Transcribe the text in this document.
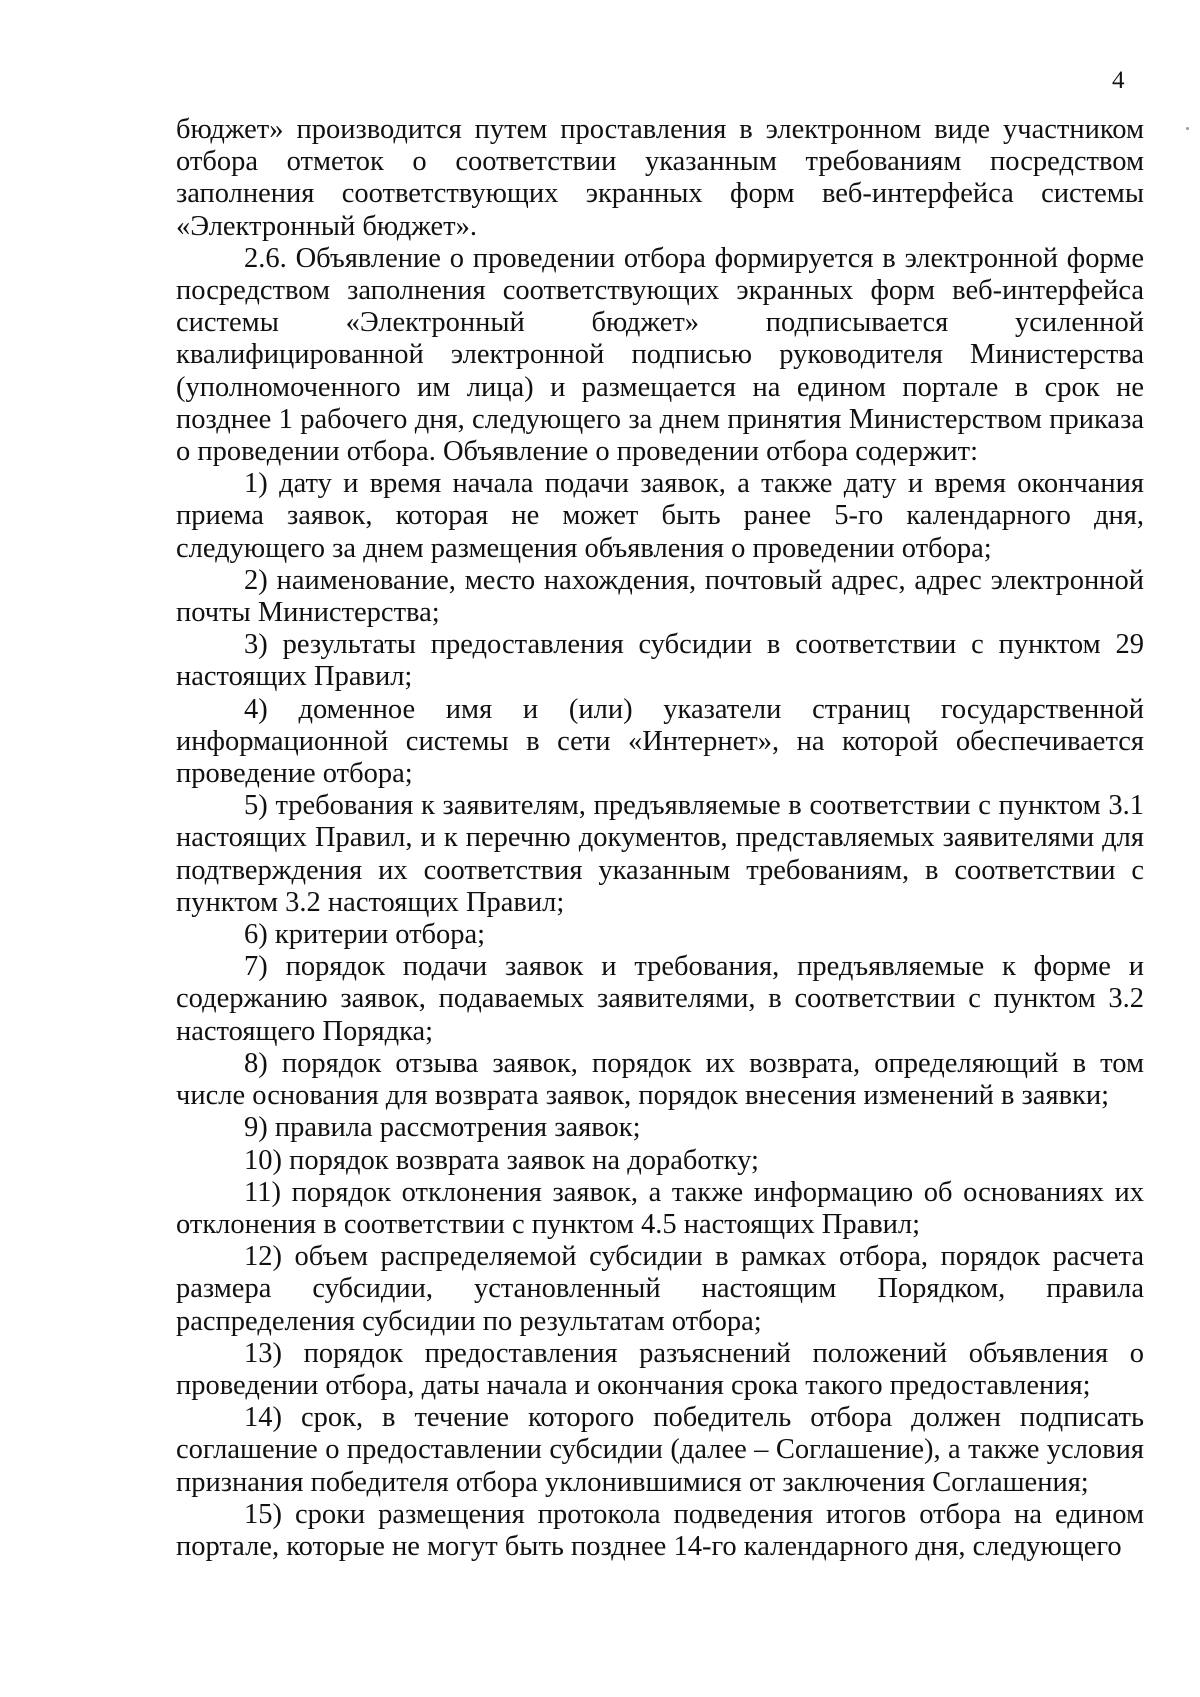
4

бюджет» производится путем проставления в электронном виде участником отбора отметок о соответствии указанным требованиям посредством заполнения соответствующих экранных форм веб-интерфейса системы «Электронный бюджет».

2.6. Объявление о проведении отбора формируется в электронной форме посредством заполнения соответствующих экранных форм веб-интерфейса системы «Электронный бюджет» подписывается усиленной квалифицированной электронной подписью руководителя Министерства (уполномоченного им лица) и размещается на едином портале в срок не позднее 1 рабочего дня, следующего за днем принятия Министерством приказа о проведении отбора. Объявление о проведении отбора содержит:

1) дату и время начала подачи заявок, а также дату и время окончания приема заявок, которая не может быть ранее 5-го календарного дня, следующего за днем размещения объявления о проведении отбора;

2) наименование, место нахождения, почтовый адрес, адрес электронной почты Министерства;

3) результаты предоставления субсидии в соответствии с пунктом 29 настоящих Правил;

4) доменное имя и (или) указатели страниц государственной информационной системы в сети «Интернет», на которой обеспечивается проведение отбора;

5) требования к заявителям, предъявляемые в соответствии с пунктом 3.1 настоящих Правил, и к перечню документов, представляемых заявителями для подтверждения их соответствия указанным требованиям, в соответствии с пунктом 3.2 настоящих Правил;

6) критерии отбора;

7) порядок подачи заявок и требования, предъявляемые к форме и содержанию заявок, подаваемых заявителями, в соответствии с пунктом 3.2 настоящего Порядка;

8) порядок отзыва заявок, порядок их возврата, определяющий в том числе основания для возврата заявок, порядок внесения изменений в заявки;

9) правила рассмотрения заявок;

10) порядок возврата заявок на доработку;

11) порядок отклонения заявок, а также информацию об основаниях их отклонения в соответствии с пунктом 4.5 настоящих Правил;

12) объем распределяемой субсидии в рамках отбора, порядок расчета размера субсидии, установленный настоящим Порядком, правила распределения субсидии по результатам отбора;

13) порядок предоставления разъяснений положений объявления о проведении отбора, даты начала и окончания срока такого предоставления;

14) срок, в течение которого победитель отбора должен подписать соглашение о предоставлении субсидии (далее – Соглашение), а также условия признания победителя отбора уклонившимися от заключения Соглашения;

15) сроки размещения протокола подведения итогов отбора на едином портале, которые не могут быть позднее 14-го календарного дня, следующего
